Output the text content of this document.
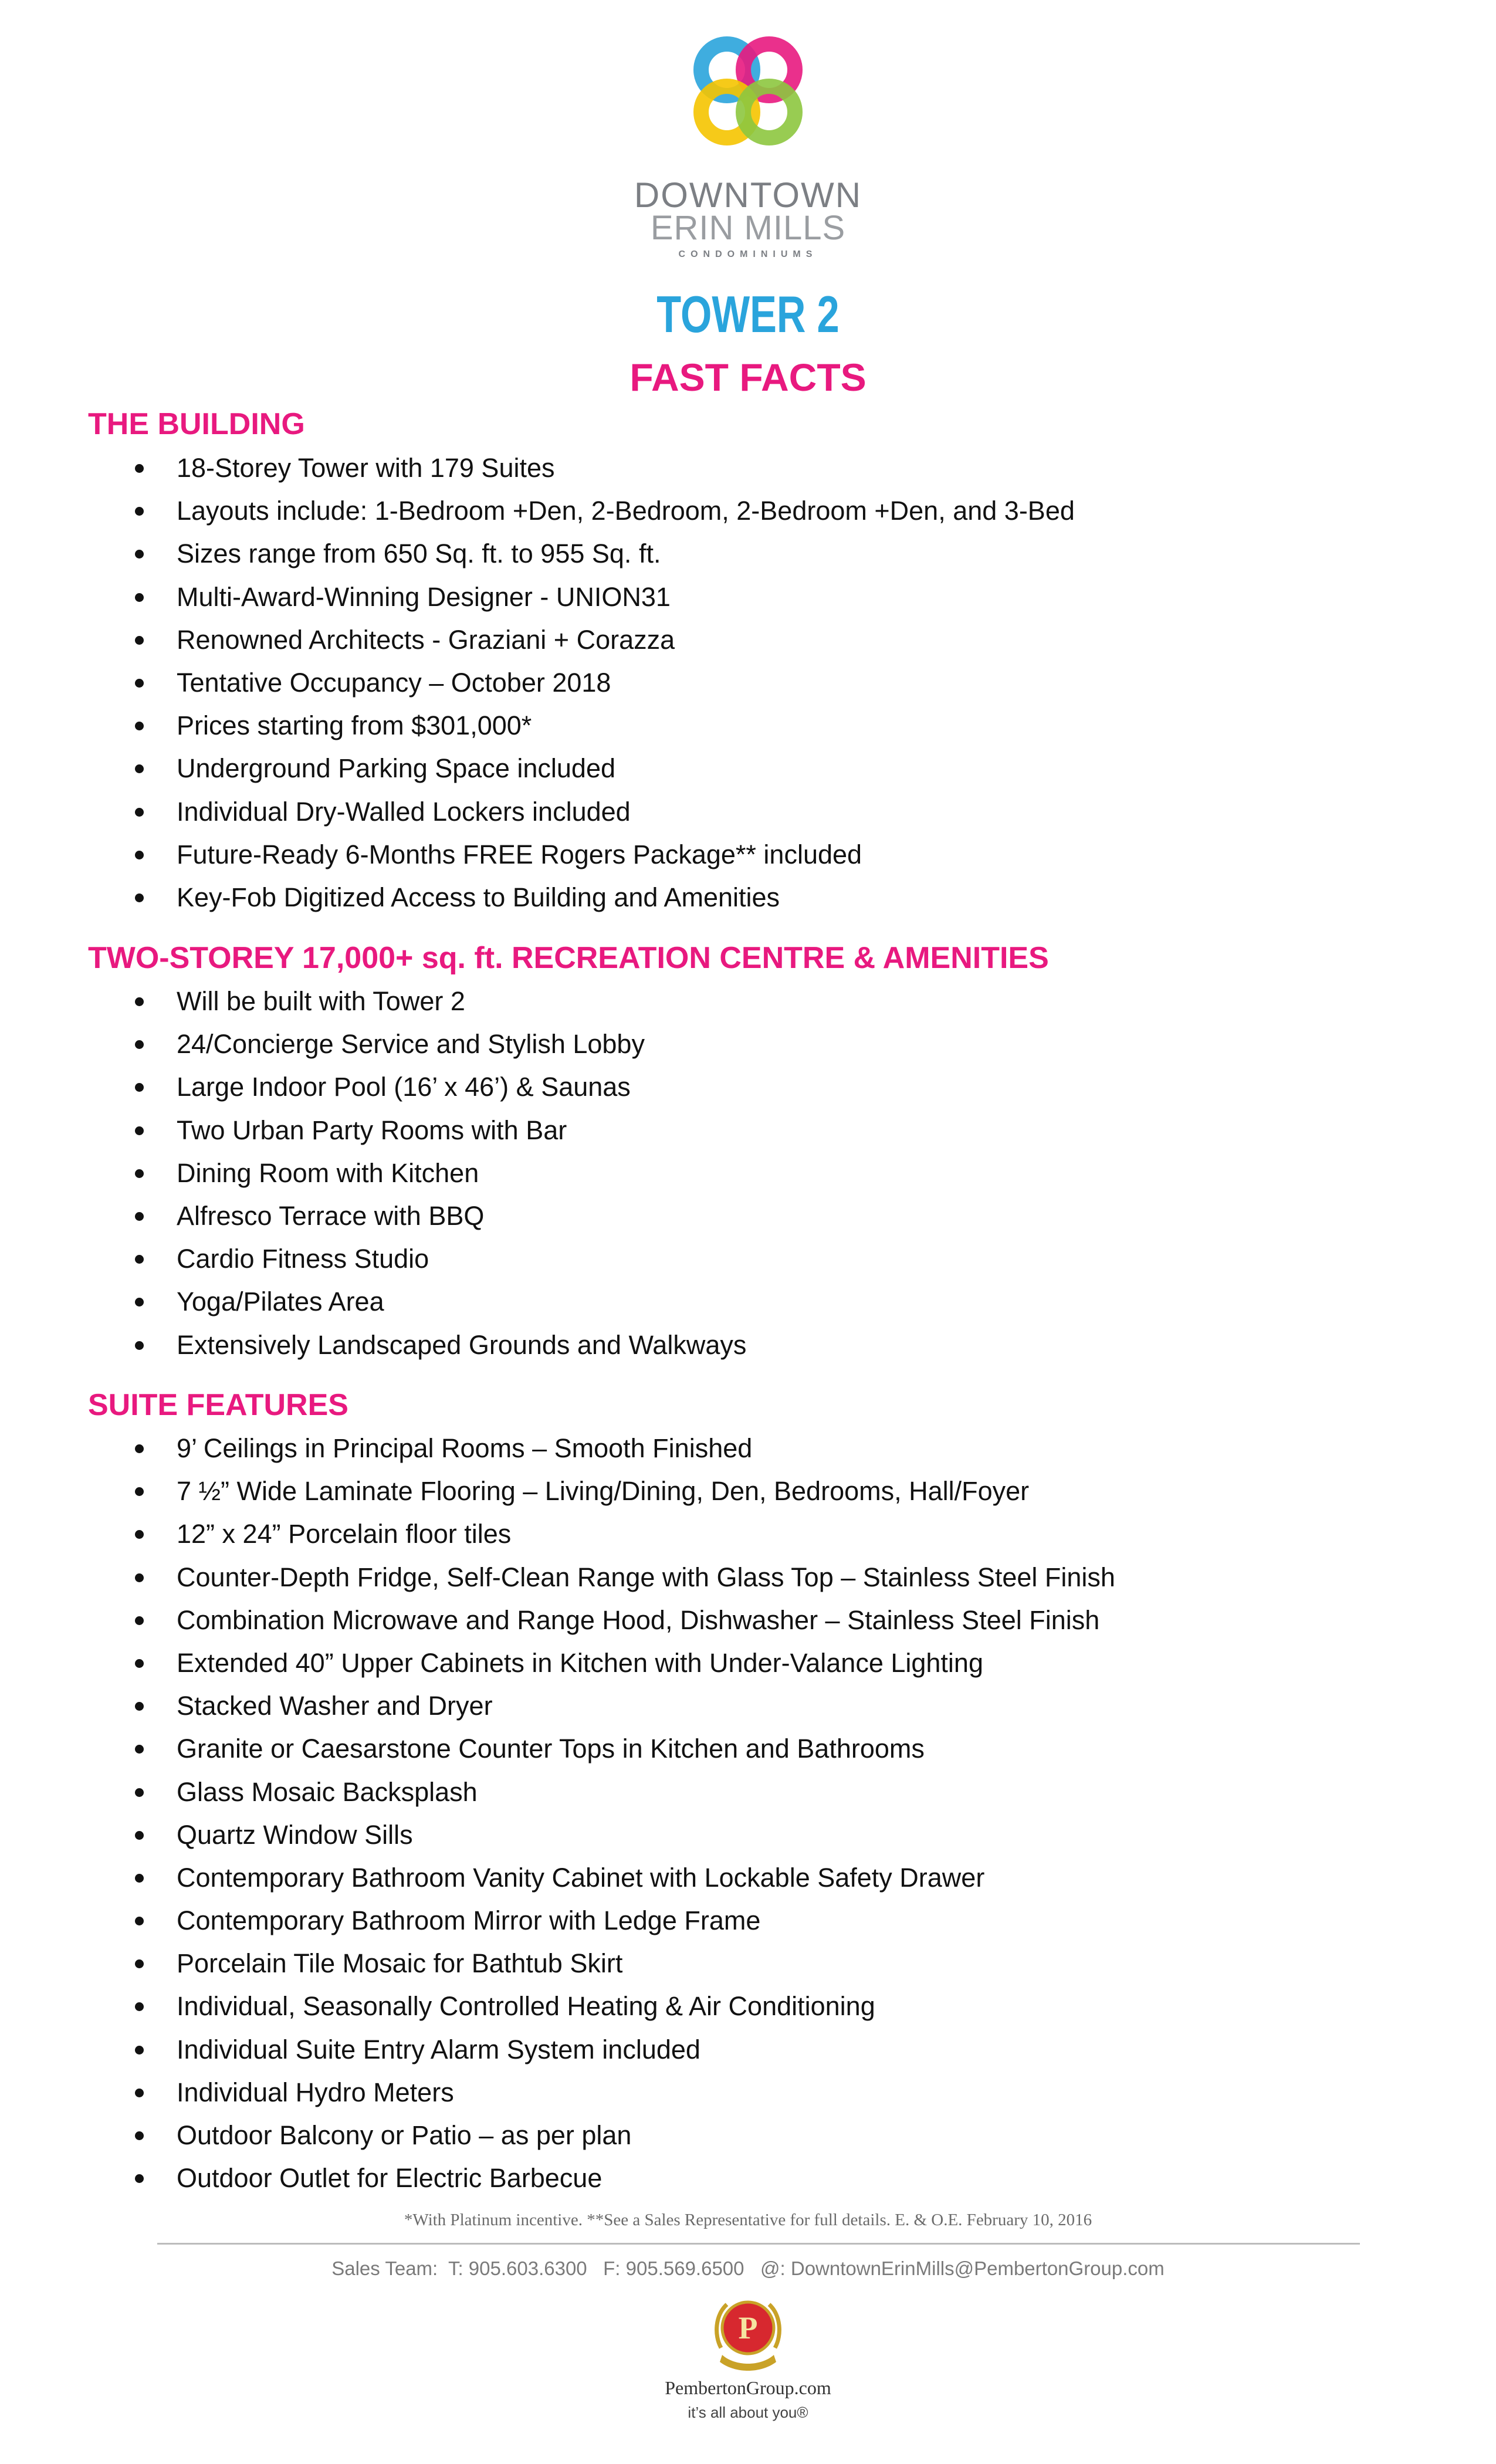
DOWNTOWN
ERIN MILLS
CONDOMINIUMS
TOWER 2
FAST FACTS
THE BUILDING
18-Storey Tower with 179 Suites
Layouts include: 1-Bedroom +Den, 2-Bedroom, 2-Bedroom +Den, and 3-Bed
Sizes range from 650 Sq. ft. to 955 Sq. ft.
Multi-Award-Winning Designer - UNION31
Renowned Architects - Graziani + Corazza
Tentative Occupancy – October 2018
Prices starting from $301,000*
Underground Parking Space included
Individual Dry-Walled Lockers included
Future-Ready 6-Months FREE Rogers Package** included
Key-Fob Digitized Access to Building and Amenities
TWO-STOREY 17,000+ sq. ft. RECREATION CENTRE & AMENITIES
Will be built with Tower 2
24/Concierge Service and Stylish Lobby
Large Indoor Pool (16’ x 46’) & Saunas
Two Urban Party Rooms with Bar
Dining Room with Kitchen
Alfresco Terrace with BBQ
Cardio Fitness Studio
Yoga/Pilates Area
Extensively Landscaped Grounds and Walkways
SUITE FEATURES
9’ Ceilings in Principal Rooms – Smooth Finished
7 ½” Wide Laminate Flooring – Living/Dining, Den, Bedrooms, Hall/Foyer
12” x 24” Porcelain floor tiles
Counter-Depth Fridge, Self-Clean Range with Glass Top – Stainless Steel Finish
Combination Microwave and Range Hood, Dishwasher – Stainless Steel Finish
Extended 40” Upper Cabinets in Kitchen with Under-Valance Lighting
Stacked Washer and Dryer
Granite or Caesarstone Counter Tops in Kitchen and Bathrooms
Glass Mosaic Backsplash
Quartz Window Sills
Contemporary Bathroom Vanity Cabinet with Lockable Safety Drawer
Contemporary Bathroom Mirror with Ledge Frame
Porcelain Tile Mosaic for Bathtub Skirt
Individual, Seasonally Controlled Heating & Air Conditioning
Individual Suite Entry Alarm System included
Individual Hydro Meters
Outdoor Balcony or Patio – as per plan
Outdoor Outlet for Electric Barbecue
*With Platinum incentive. **See a Sales Representative for full details. E. & O.E. February 10, 2016
Sales Team:  T: 905.603.6300   F: 905.569.6500   @: DowntownErinMills@PembertonGroup.com
P
PembertonGroup.com
it’s all about you®
